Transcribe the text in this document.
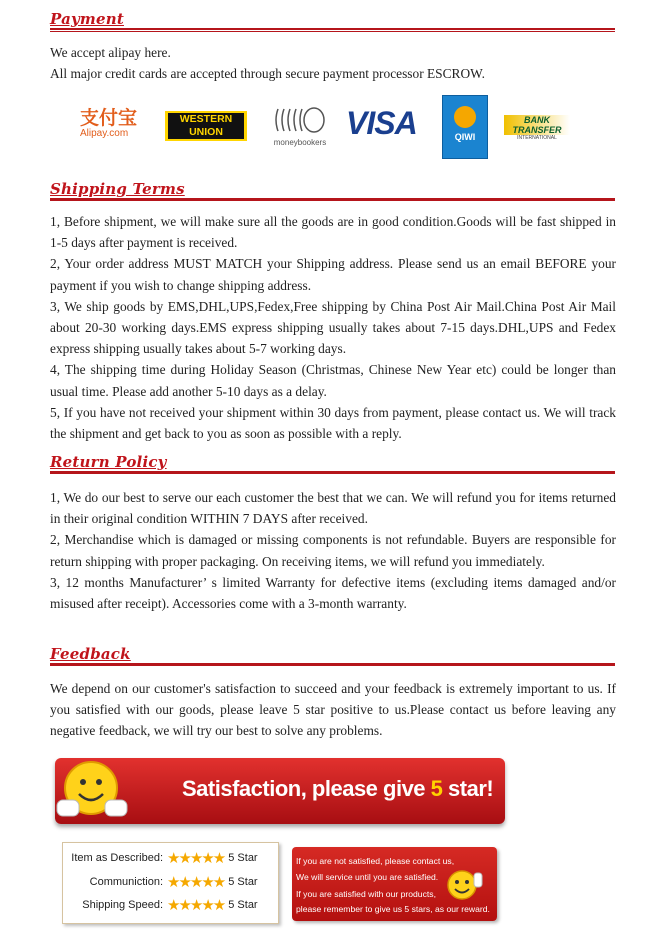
Payment

We accept alipay here.

All major credit cards are accepted through secure payment processor ESCROW.

支付宝
Alipay.com
WESTERN
UNION
moneybookers
VISA	QIWI
BANK TRANSFER
INTERNATIONAL
Shipping Terms

1, Before shipment, we will make sure all the goods are in good condition.Goods will be fast shipped in 1-5 days after payment is received.

2, Your order address MUST MATCH your Shipping address. Please send us an email BEFORE your payment if you wish to change shipping address.

3, We ship goods by EMS,DHL,UPS,Fedex,Free shipping by China Post Air Mail.China Post Air Mail about 20-30 working days.EMS express shipping usually takes about 7-15 days.DHL,UPS and Fedex express shipping usually takes about 5-7 working days.

4, The shipping time during Holiday Season (Christmas, Chinese New Year etc) could be longer than usual time. Please add another 5-10 days as a delay.

5, If you have not received your shipment within 30 days from payment, please contact us. We will track the shipment and get back to you as soon as possible with a reply.

Return Policy

1, We do our best to serve our each customer the best that we can. We will refund you for items returned in their original condition WITHIN 7 DAYS after received.

2, Merchandise which is damaged or missing components is not refundable. Buyers are responsible for return shipping with proper packaging. On receiving items, we will refund you immediately.

3, 12 months Manufacturer’ s limited Warranty for defective items (excluding items damaged and/or misused after receipt). Accessories come with a 3-month warranty.

Feedback

We depend on our customer's satisfaction to succeed and your feedback is extremely important to us. If you satisfied with our goods, please leave 5 star positive to us.Please contact us before leaving any negative feedback, we will try our best to solve any problems.

Satisfaction, please give 5 star!
Item as Described: ★★★★★ 5 Star
Communiction: ★★★★★ 5 Star
Shipping Speed: ★★★★★ 5 Star
If you are not satisfied, please contact us,
We will service until you are satisfied.
If you are satisfied with our products,
please remember to give us 5 stars, as our reward.
